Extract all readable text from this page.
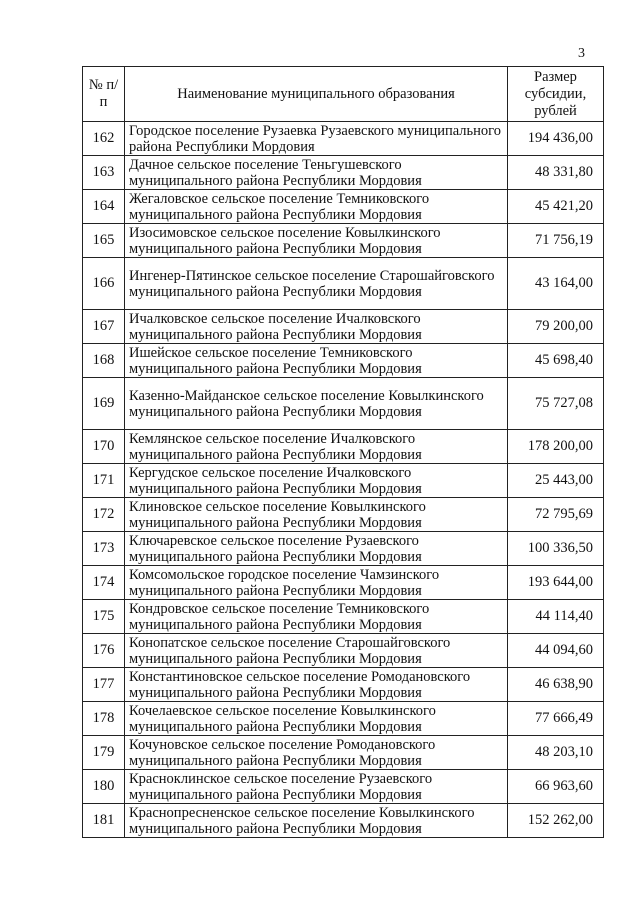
3
№ п/п	Наименование муниципального образования	Размер субсидии, рублей
162	Городское поселение Рузаевка Рузаевского муниципального района Республики Мордовия	194 436,00
163	Дачное сельское поселение Теньгушевского муниципального района Республики Мордовия	48 331,80
164	Жегаловское сельское поселение Темниковского муниципального района Республики Мордовия	45 421,20
165	Изосимовское сельское поселение Ковылкинского муниципального района Республики Мордовия	71 756,19
166	Ингенер-Пятинское сельское поселение Старошайговского муниципального района Республики Мордовия	43 164,00
167	Ичалковское сельское поселение Ичалковского муниципального района Республики Мордовия	79 200,00
168	Ишейское сельское поселение Темниковского муниципального района Республики Мордовия	45 698,40
169	Казенно-Майданское сельское поселение Ковылкинского муниципального района Республики Мордовия	75 727,08
170	Кемлянское сельское поселение Ичалковского муниципального района Республики Мордовия	178 200,00
171	Кергудское сельское поселение Ичалковского муниципального района Республики Мордовия	25 443,00
172	Клиновское сельское поселение Ковылкинского муниципального района Республики Мордовия	72 795,69
173	Ключаревское сельское поселение Рузаевского муниципального района Республики Мордовия	100 336,50
174	Комсомольское городское поселение Чамзинского муниципального района Республики Мордовия	193 644,00
175	Кондровское сельское поселение Темниковского муниципального района Республики Мордовия	44 114,40
176	Конопатское сельское поселение Старошайговского муниципального района Республики Мордовия	44 094,60
177	Константиновское сельское поселение Ромодановского муниципального района Республики Мордовия	46 638,90
178	Кочелаевское сельское поселение Ковылкинского муниципального района Республики Мордовия	77 666,49
179	Кочуновское сельское поселение Ромодановского муниципального района Республики Мордовия	48 203,10
180	Красноклинское сельское поселение Рузаевского муниципального района Республики Мордовия	66 963,60
181	Краснопресненское сельское поселение Ковылкинского муниципального района Республики Мордовия	152 262,00
